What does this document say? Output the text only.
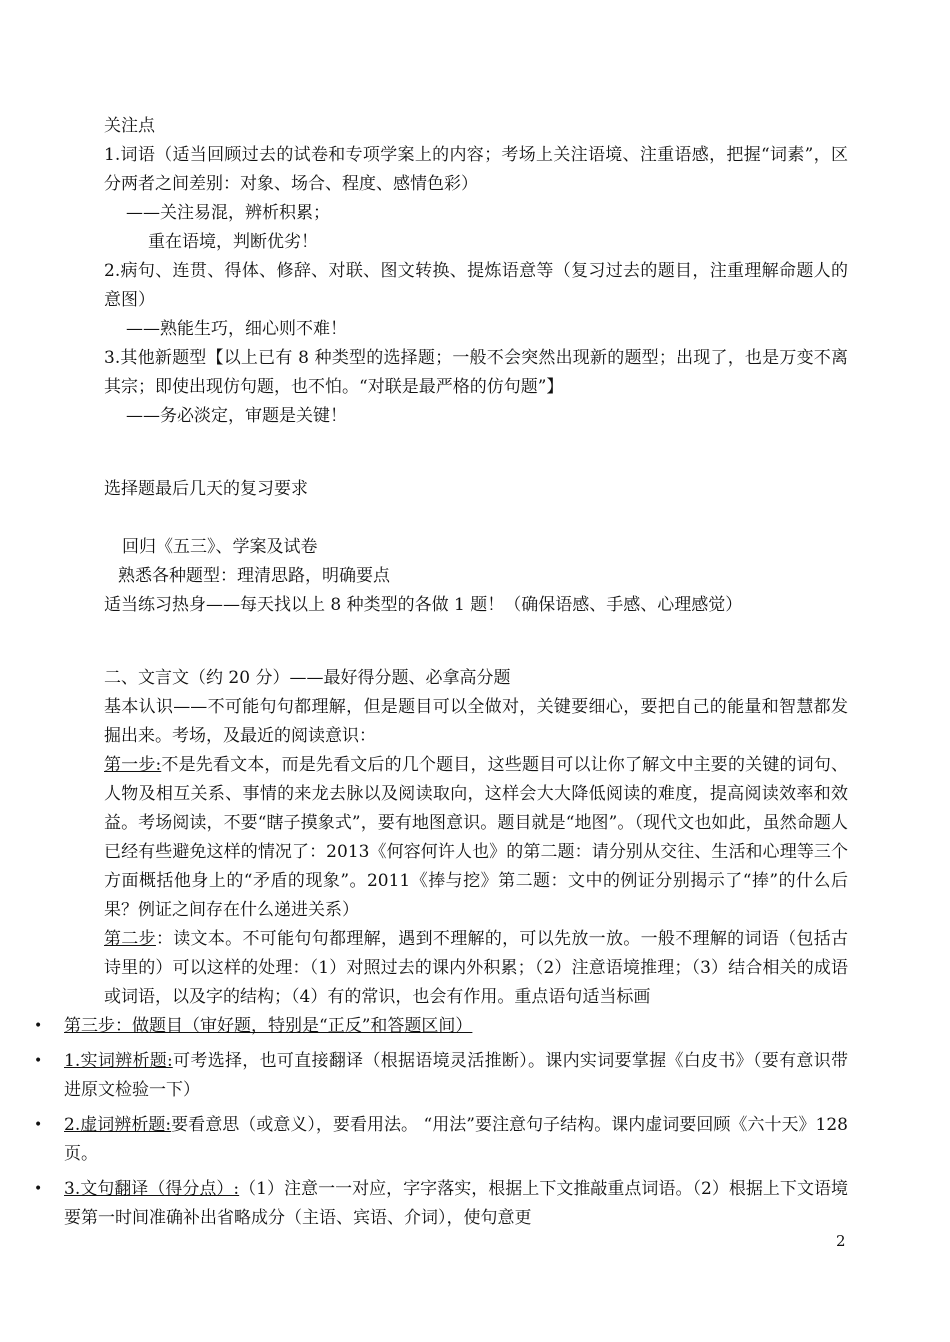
关注点

1.词语（适当回顾过去的试卷和专项学案上的内容；考场上关注语境、注重语感，把握“词素”，区分两者之间差别：对象、场合、程度、感情色彩）

——关注易混，辨析积累；

重在语境，判断优劣！

2.病句、连贯、得体、修辞、对联、图文转换、提炼语意等（复习过去的题目，注重理解命题人的意图）

——熟能生巧，细心则不难！

3.其他新题型【以上已有 8 种类型的选择题；一般不会突然出现新的题型；出现了，也是万变不离其宗；即使出现仿句题，也不怕。“对联是最严格的仿句题”】

——务必淡定，审题是关键！

选择题最后几天的复习要求

回归《五三》、学案及试卷

熟悉各种题型：理清思路，明确要点

适当练习热身——每天找以上 8 种类型的各做 1 题！（确保语感、手感、心理感觉）

二、文言文（约 20 分）——最好得分题、必拿高分题

基本认识——不可能句句都理解，但是题目可以全做对，关键要细心，要把自己的能量和智慧都发掘出来。考场，及最近的阅读意识：

第一步:不是先看文本，而是先看文后的几个题目，这些题目可以让你了解文中主要的关键的词句、人物及相互关系、事情的来龙去脉以及阅读取向，这样会大大降低阅读的难度，提高阅读效率和效益。考场阅读，不要“瞎子摸象式”，要有地图意识。题目就是“地图”。（现代文也如此，虽然命题人已经有些避免这样的情况了：2013《何容何许人也》的第二题：请分别从交往、生活和心理等三个方面概括他身上的“矛盾的现象”。2011《捧与挖》第二题：文中的例证分别揭示了“捧”的什么后果？例证之间存在什么递进关系）

第二步：读文本。不可能句句都理解，遇到不理解的，可以先放一放。一般不理解的词语（包括古诗里的）可以这样的处理：（1）对照过去的课内外积累；（2）注意语境推理；（3）结合相关的成语或词语，以及字的结构；（4）有的常识，也会有作用。重点语句适当标画

• 第三步：做题目（审好题，特别是“正反”和答题区间）
• 1.实词辨析题:可考选择，也可直接翻译（根据语境灵活推断）。课内实词要掌握《白皮书》（要有意识带进原文检验一下）
• 2.虚词辨析题:要看意思（或意义），要看用法。 “用法”要注意句子结构。课内虚词要回顾《六十天》128 页。
• 3.文句翻译（得分点）:（1）注意一一对应，字字落实，根据上下文推敲重点词语。（2）根据上下文语境要第一时间准确补出省略成分（主语、宾语、介词），使句意更
2
